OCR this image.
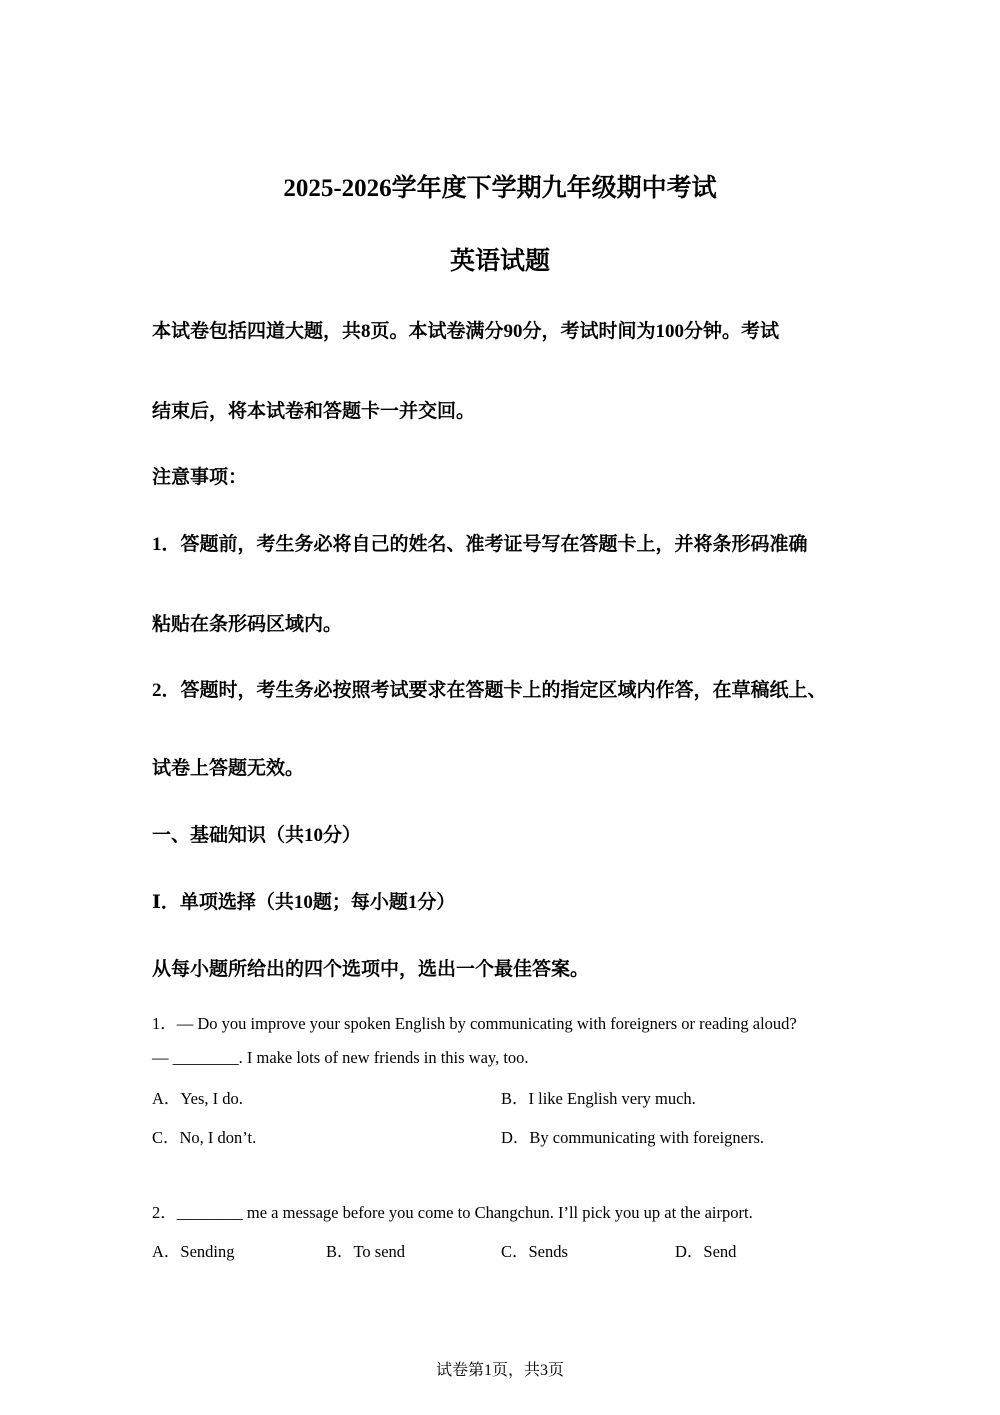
2025-2026学年度下学期九年级期中考试
英语试题
本试卷包括四道大题，共8页。本试卷满分90分，考试时间为100分钟。考试
结束后，将本试卷和答题卡一并交回。
注意事项：
1．答题前，考生务必将自己的姓名、准考证号写在答题卡上，并将条形码准确
粘贴在条形码区域内。
2．答题时，考生务必按照考试要求在答题卡上的指定区域内作答，在草稿纸上、
试卷上答题无效。
一、基础知识（共10分）
Ⅰ．单项选择（共10题；每小题1分）
从每小题所给出的四个选项中，选出一个最佳答案。
1．— Do you improve your spoken English by communicating with foreigners or reading aloud?
— ________. I make lots of new friends in this way, too.
A．Yes, I do.	B．I like English very much.
C．No, I don’t.	D．By communicating with foreigners.
2．________ me a message before you come to Changchun. I’ll pick you up at the airport.
A．Sending	B．To send	C．Sends	D．Send
试卷第1页，共3页
